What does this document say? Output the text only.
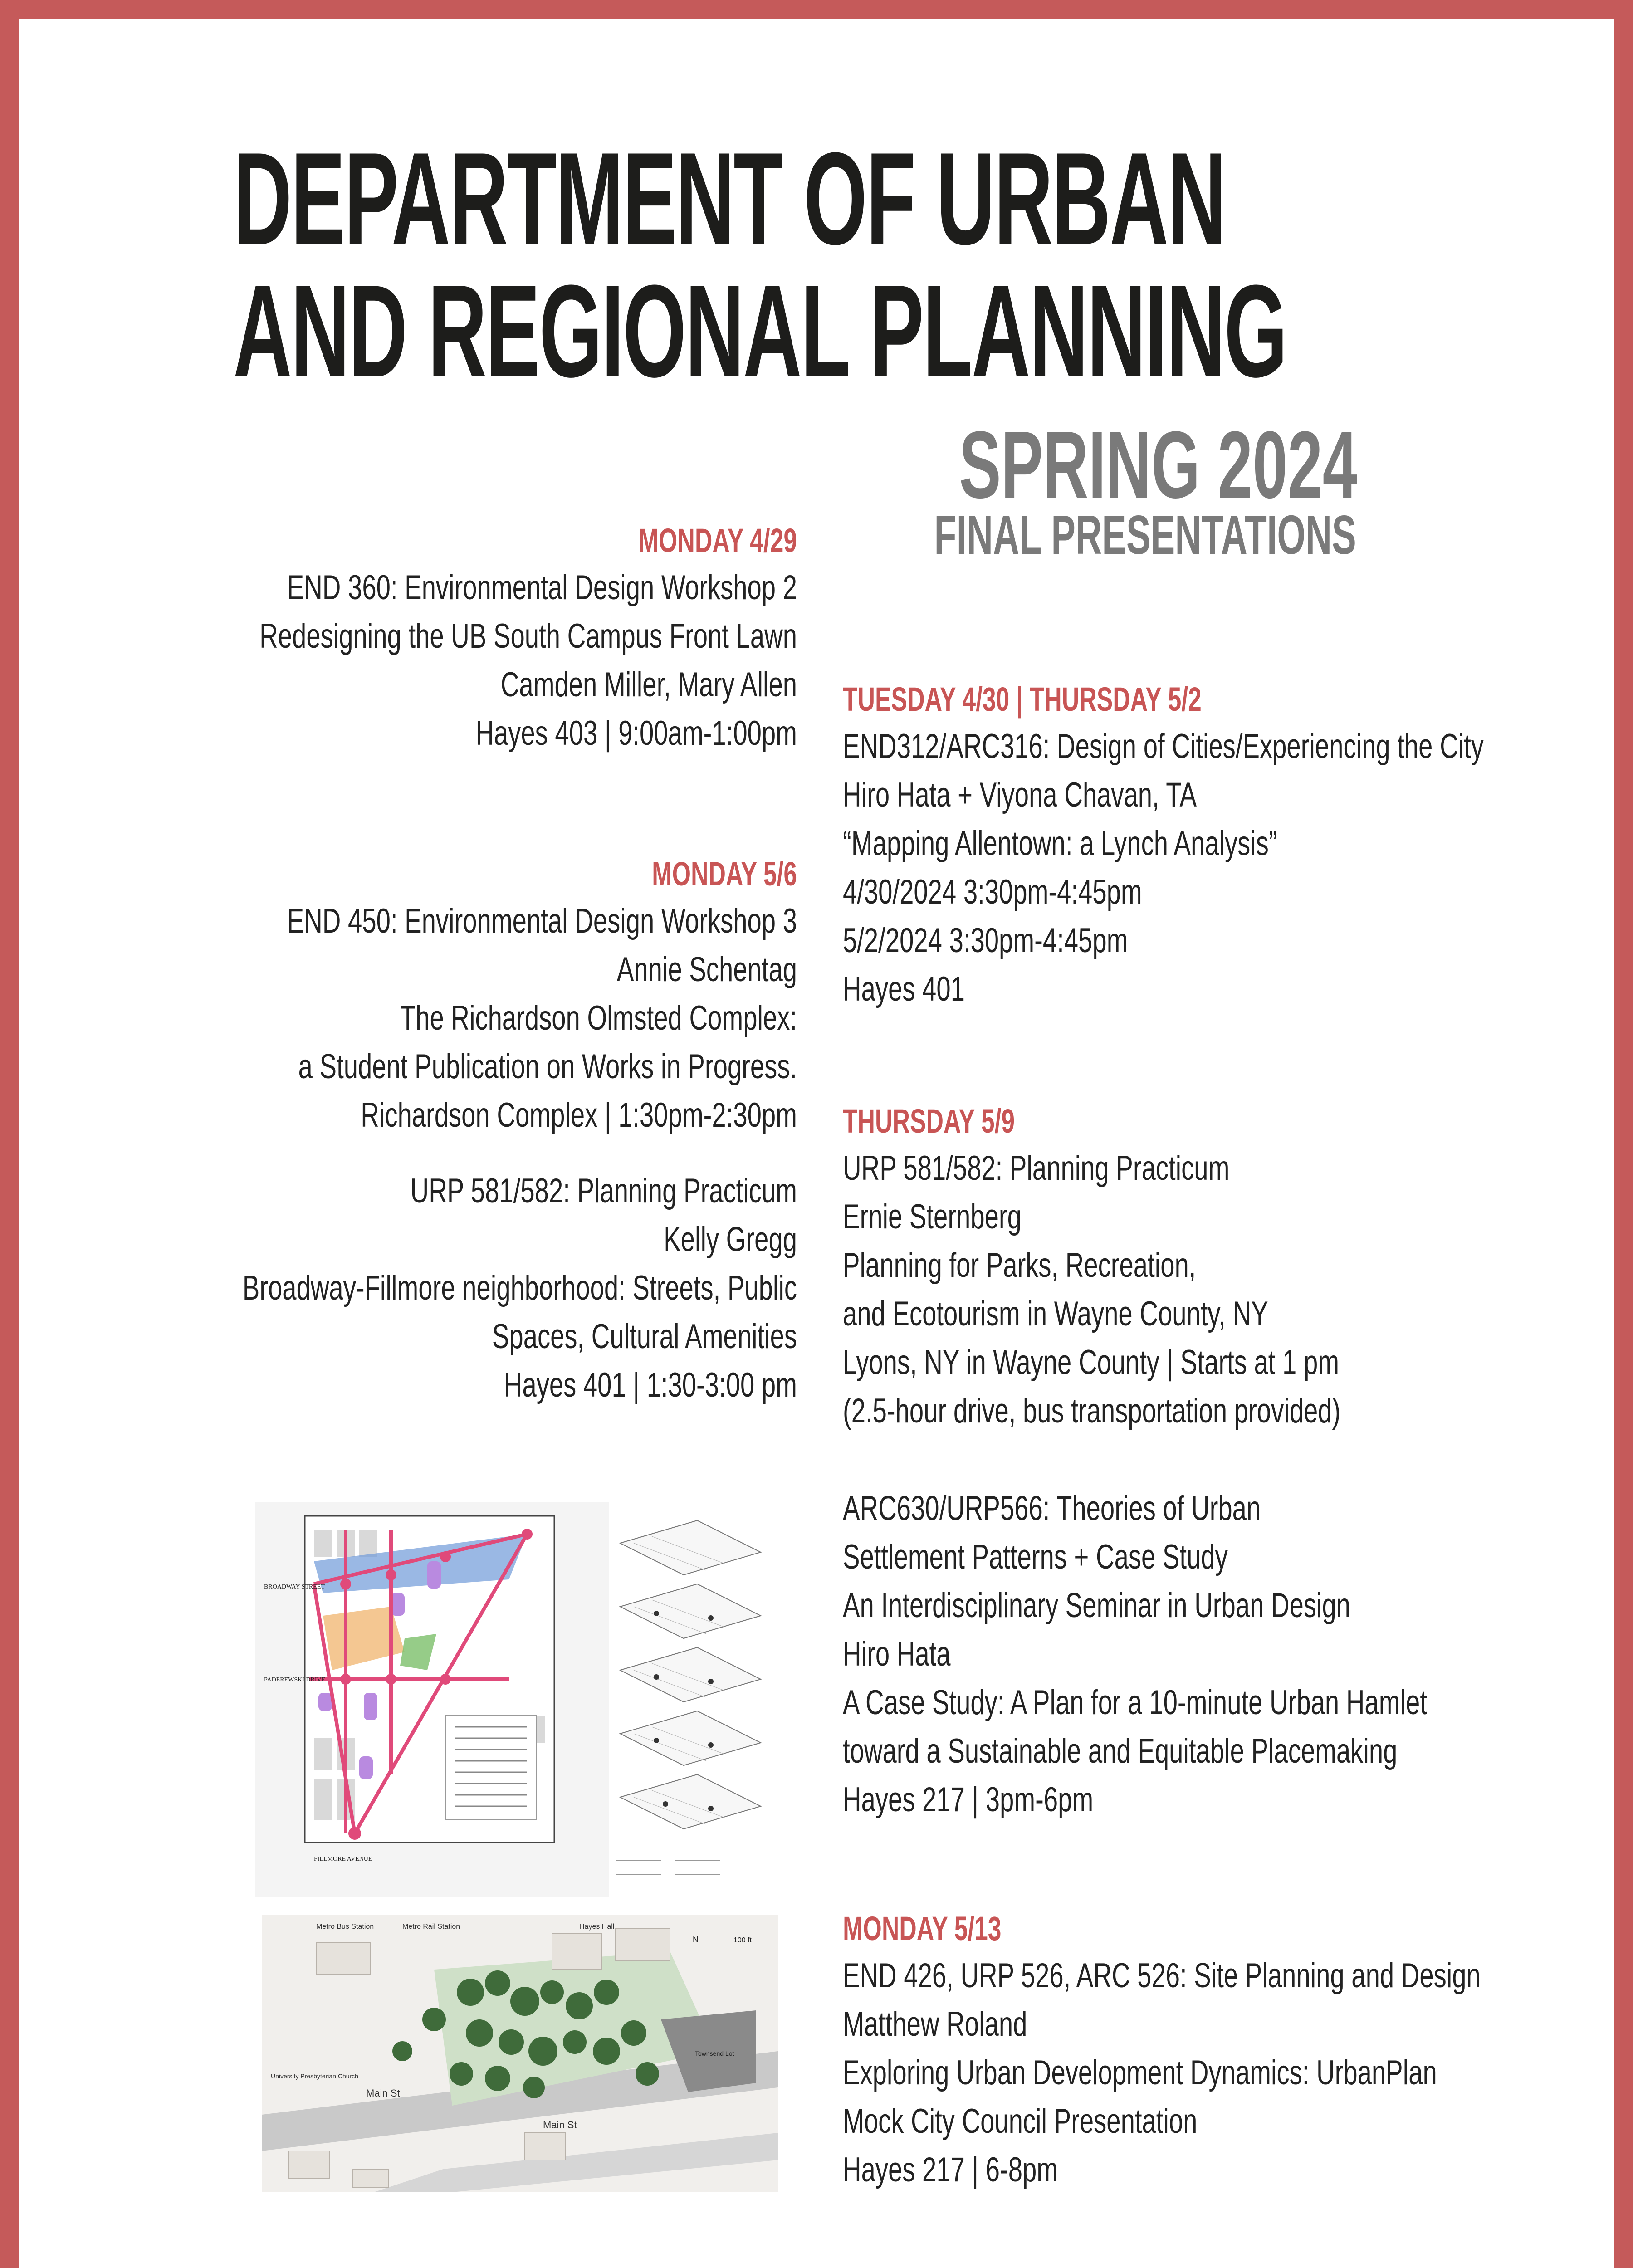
DEPARTMENT OF URBAN
AND REGIONAL PLANNING
SPRING 2024
FINAL PRESENTATIONS
MONDAY 4/29
END 360: Environmental Design Workshop 2
Redesigning the UB South Campus Front Lawn
Camden Miller, Mary Allen
Hayes 403 | 9:00am-1:00pm
MONDAY 5/6
END 450: Environmental Design Workshop 3
Annie Schentag
The Richardson Olmsted Complex:
a Student Publication on Works in Progress.
Richardson Complex | 1:30pm-2:30pm
URP 581/582: Planning Practicum
Kelly Gregg
Broadway-Fillmore neighborhood: Streets, Public
Spaces, Cultural Amenities
Hayes 401 | 1:30-3:00 pm
TUESDAY 4/30 | THURSDAY 5/2
END312/ARC316: Design of Cities/Experiencing the City
Hiro Hata + Viyona Chavan, TA
“Mapping Allentown: a Lynch Analysis”
4/30/2024 3:30pm-4:45pm
5/2/2024 3:30pm-4:45pm
Hayes 401
THURSDAY 5/9
URP 581/582: Planning Practicum
Ernie Sternberg
Planning for Parks, Recreation,
and Ecotourism in Wayne County, NY
Lyons, NY in Wayne County | Starts at 1 pm
(2.5-hour drive, bus transportation provided)
ARC630/URP566: Theories of Urban
Settlement Patterns + Case Study
An Interdisciplinary Seminar in Urban Design
Hiro Hata
A Case Study: A Plan for a 10-minute Urban Hamlet
toward a Sustainable and Equitable Placemaking
Hayes 217 | 3pm-6pm
MONDAY 5/13
END 426, URP 526, ARC 526: Site Planning and Design
Matthew Roland
Exploring Urban Development Dynamics: UrbanPlan
Mock City Council Presentation
Hayes 217 | 6-8pm
BROADWAY STREET
PADEREWSKI DRIVE
FILLMORE AVENUE
Metro Bus Station	Metro Rail Station	Hayes Hall
University Presbyterian Church
Main St
Main St
Townsend Lot
N	100 ft
